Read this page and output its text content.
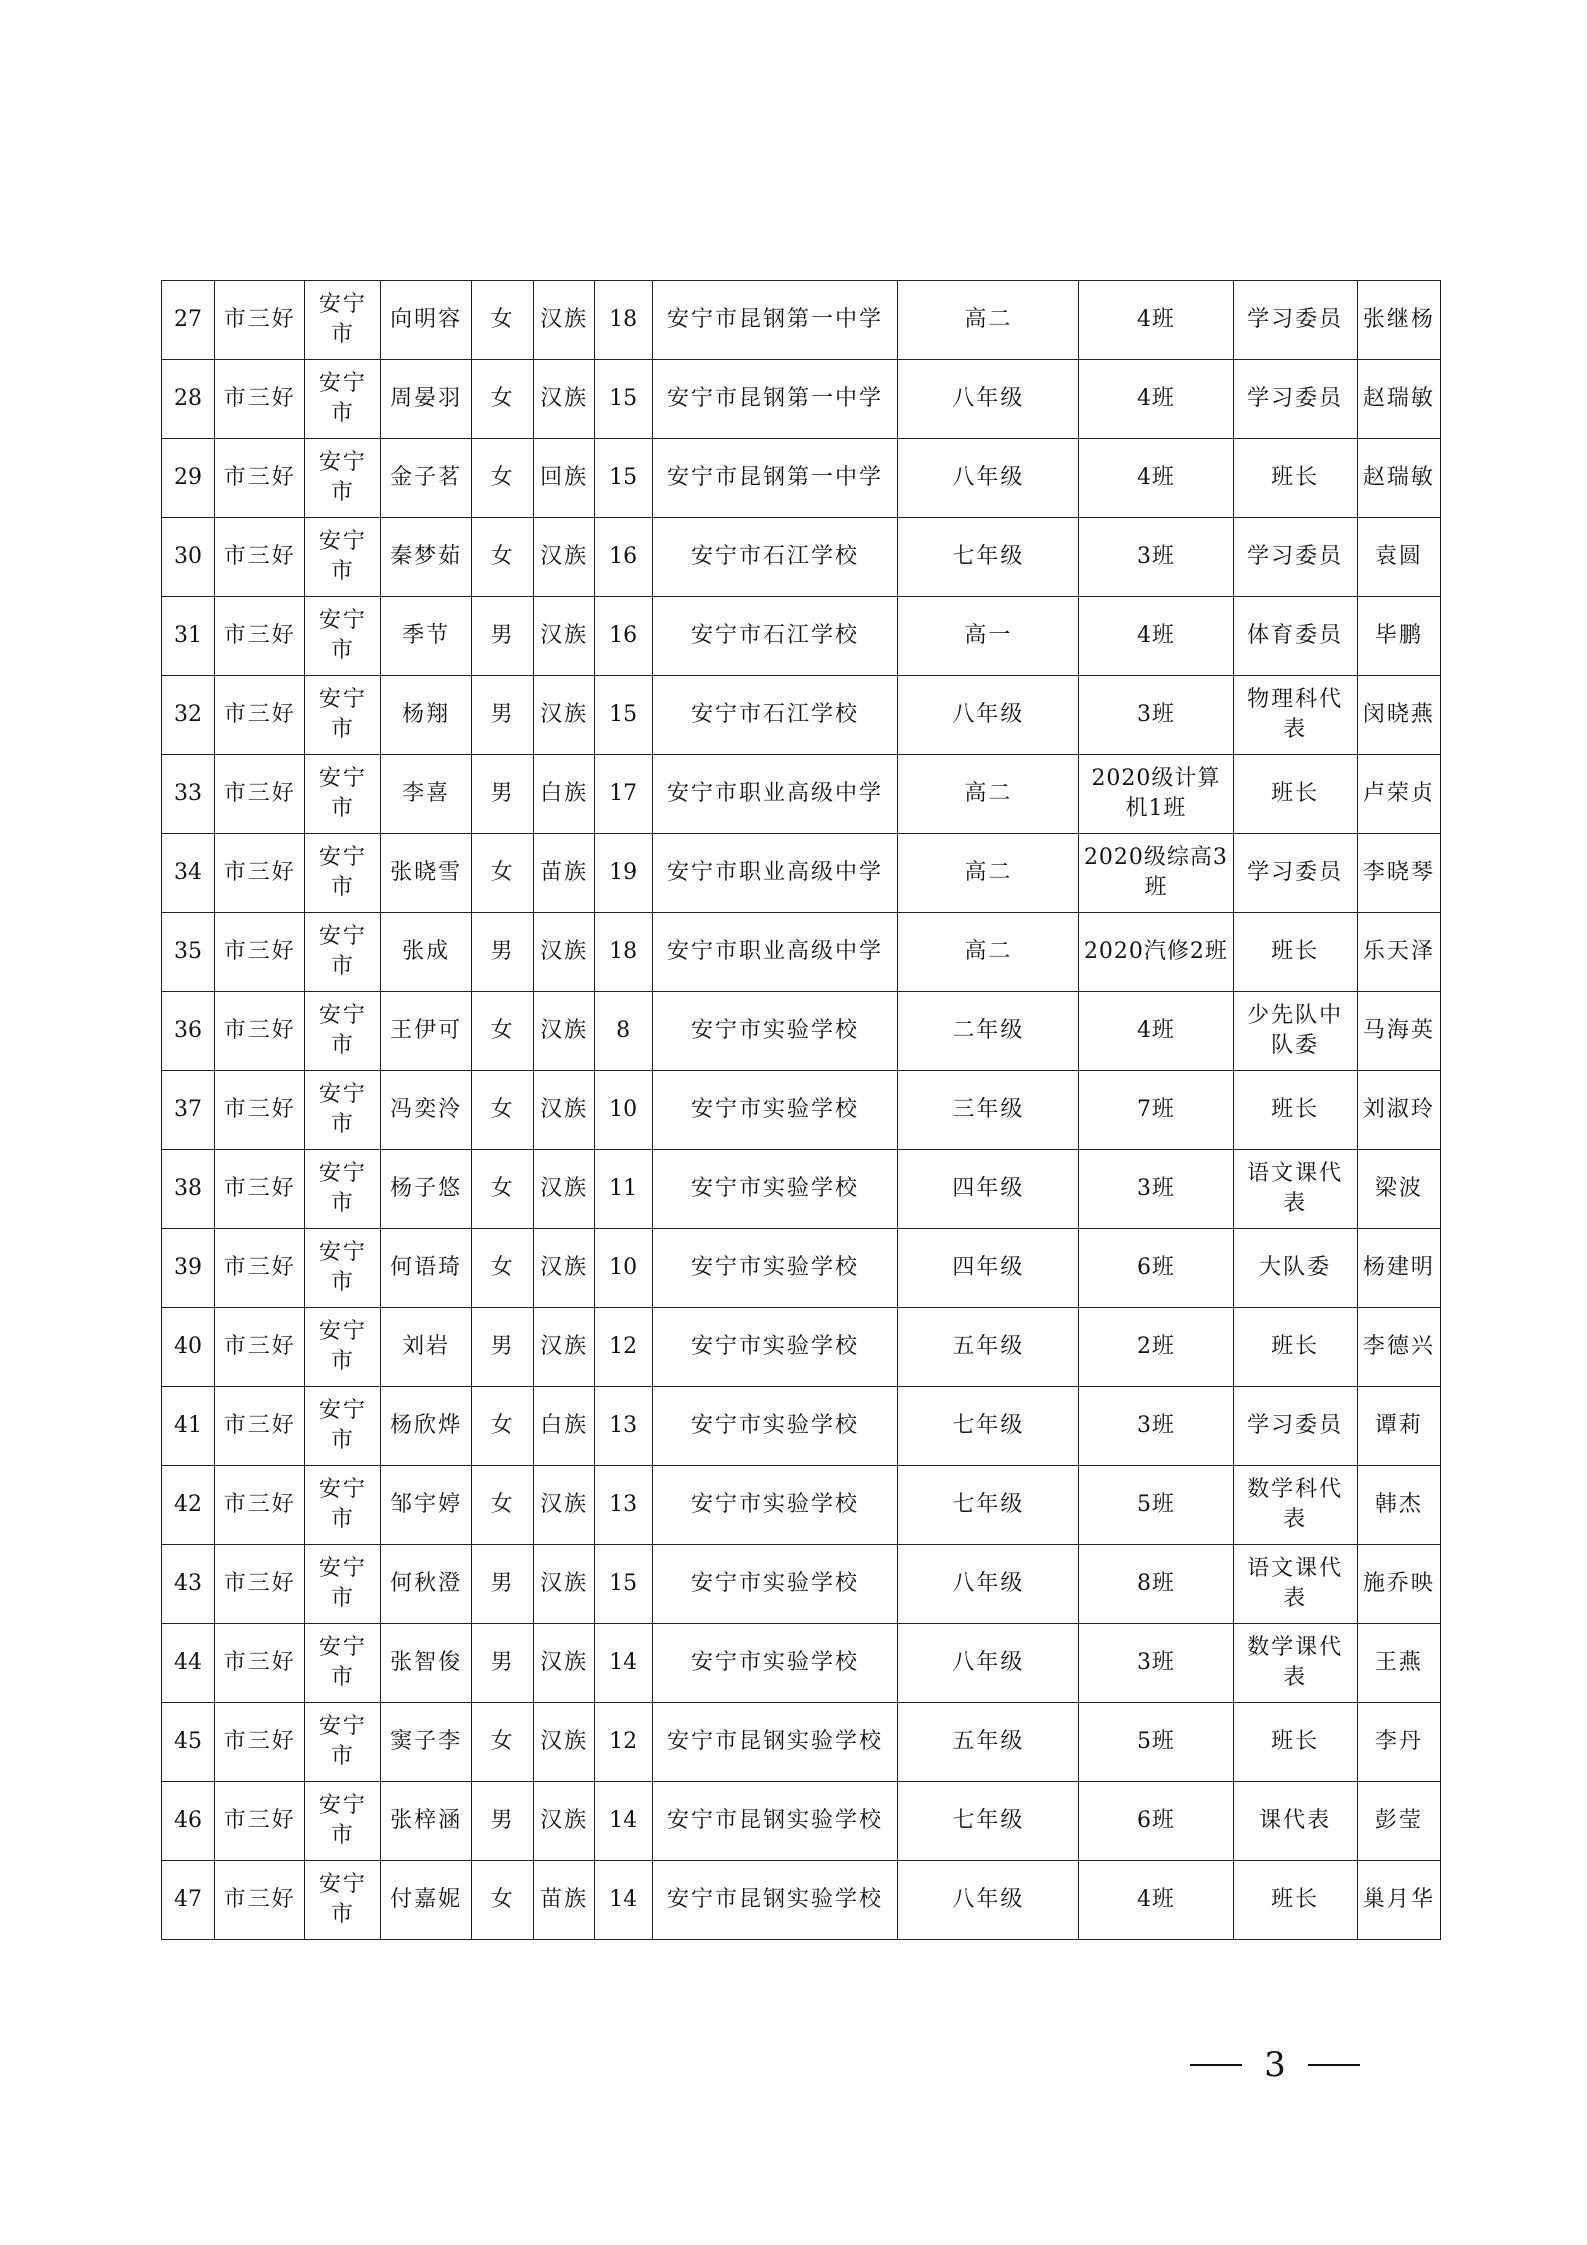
27	市三好	安宁市	向明容	女	汉族	18	安宁市昆钢第一中学	高二	4班	学习委员	张继杨
28	市三好	安宁市	周晏羽	女	汉族	15	安宁市昆钢第一中学	八年级	4班	学习委员	赵瑞敏
29	市三好	安宁市	金子茗	女	回族	15	安宁市昆钢第一中学	八年级	4班	班长	赵瑞敏
30	市三好	安宁市	秦梦茹	女	汉族	16	安宁市石江学校	七年级	3班	学习委员	袁圆
31	市三好	安宁市	季节	男	汉族	16	安宁市石江学校	高一	4班	体育委员	毕鹏
32	市三好	安宁市	杨翔	男	汉族	15	安宁市石江学校	八年级	3班	物理科代表	闵晓燕
33	市三好	安宁市	李喜	男	白族	17	安宁市职业高级中学	高二	2020级计算机1班	班长	卢荣贞
34	市三好	安宁市	张晓雪	女	苗族	19	安宁市职业高级中学	高二	2020级综高3班	学习委员	李晓琴
35	市三好	安宁市	张成	男	汉族	18	安宁市职业高级中学	高二	2020汽修2班	班长	乐天泽
36	市三好	安宁市	王伊可	女	汉族	8	安宁市实验学校	二年级	4班	少先队中队委	马海英
37	市三好	安宁市	冯奕泠	女	汉族	10	安宁市实验学校	三年级	7班	班长	刘淑玲
38	市三好	安宁市	杨子悠	女	汉族	11	安宁市实验学校	四年级	3班	语文课代表	梁波
39	市三好	安宁市	何语琦	女	汉族	10	安宁市实验学校	四年级	6班	大队委	杨建明
40	市三好	安宁市	刘岩	男	汉族	12	安宁市实验学校	五年级	2班	班长	李德兴
41	市三好	安宁市	杨欣烨	女	白族	13	安宁市实验学校	七年级	3班	学习委员	谭莉
42	市三好	安宁市	邹宇婷	女	汉族	13	安宁市实验学校	七年级	5班	数学科代表	韩杰
43	市三好	安宁市	何秋澄	男	汉族	15	安宁市实验学校	八年级	8班	语文课代表	施乔映
44	市三好	安宁市	张智俊	男	汉族	14	安宁市实验学校	八年级	3班	数学课代表	王燕
45	市三好	安宁市	窦子李	女	汉族	12	安宁市昆钢实验学校	五年级	5班	班长	李丹
46	市三好	安宁市	张梓涵	男	汉族	14	安宁市昆钢实验学校	七年级	6班	课代表	彭莹
47	市三好	安宁市	付嘉妮	女	苗族	14	安宁市昆钢实验学校	八年级	4班	班长	巢月华
3
